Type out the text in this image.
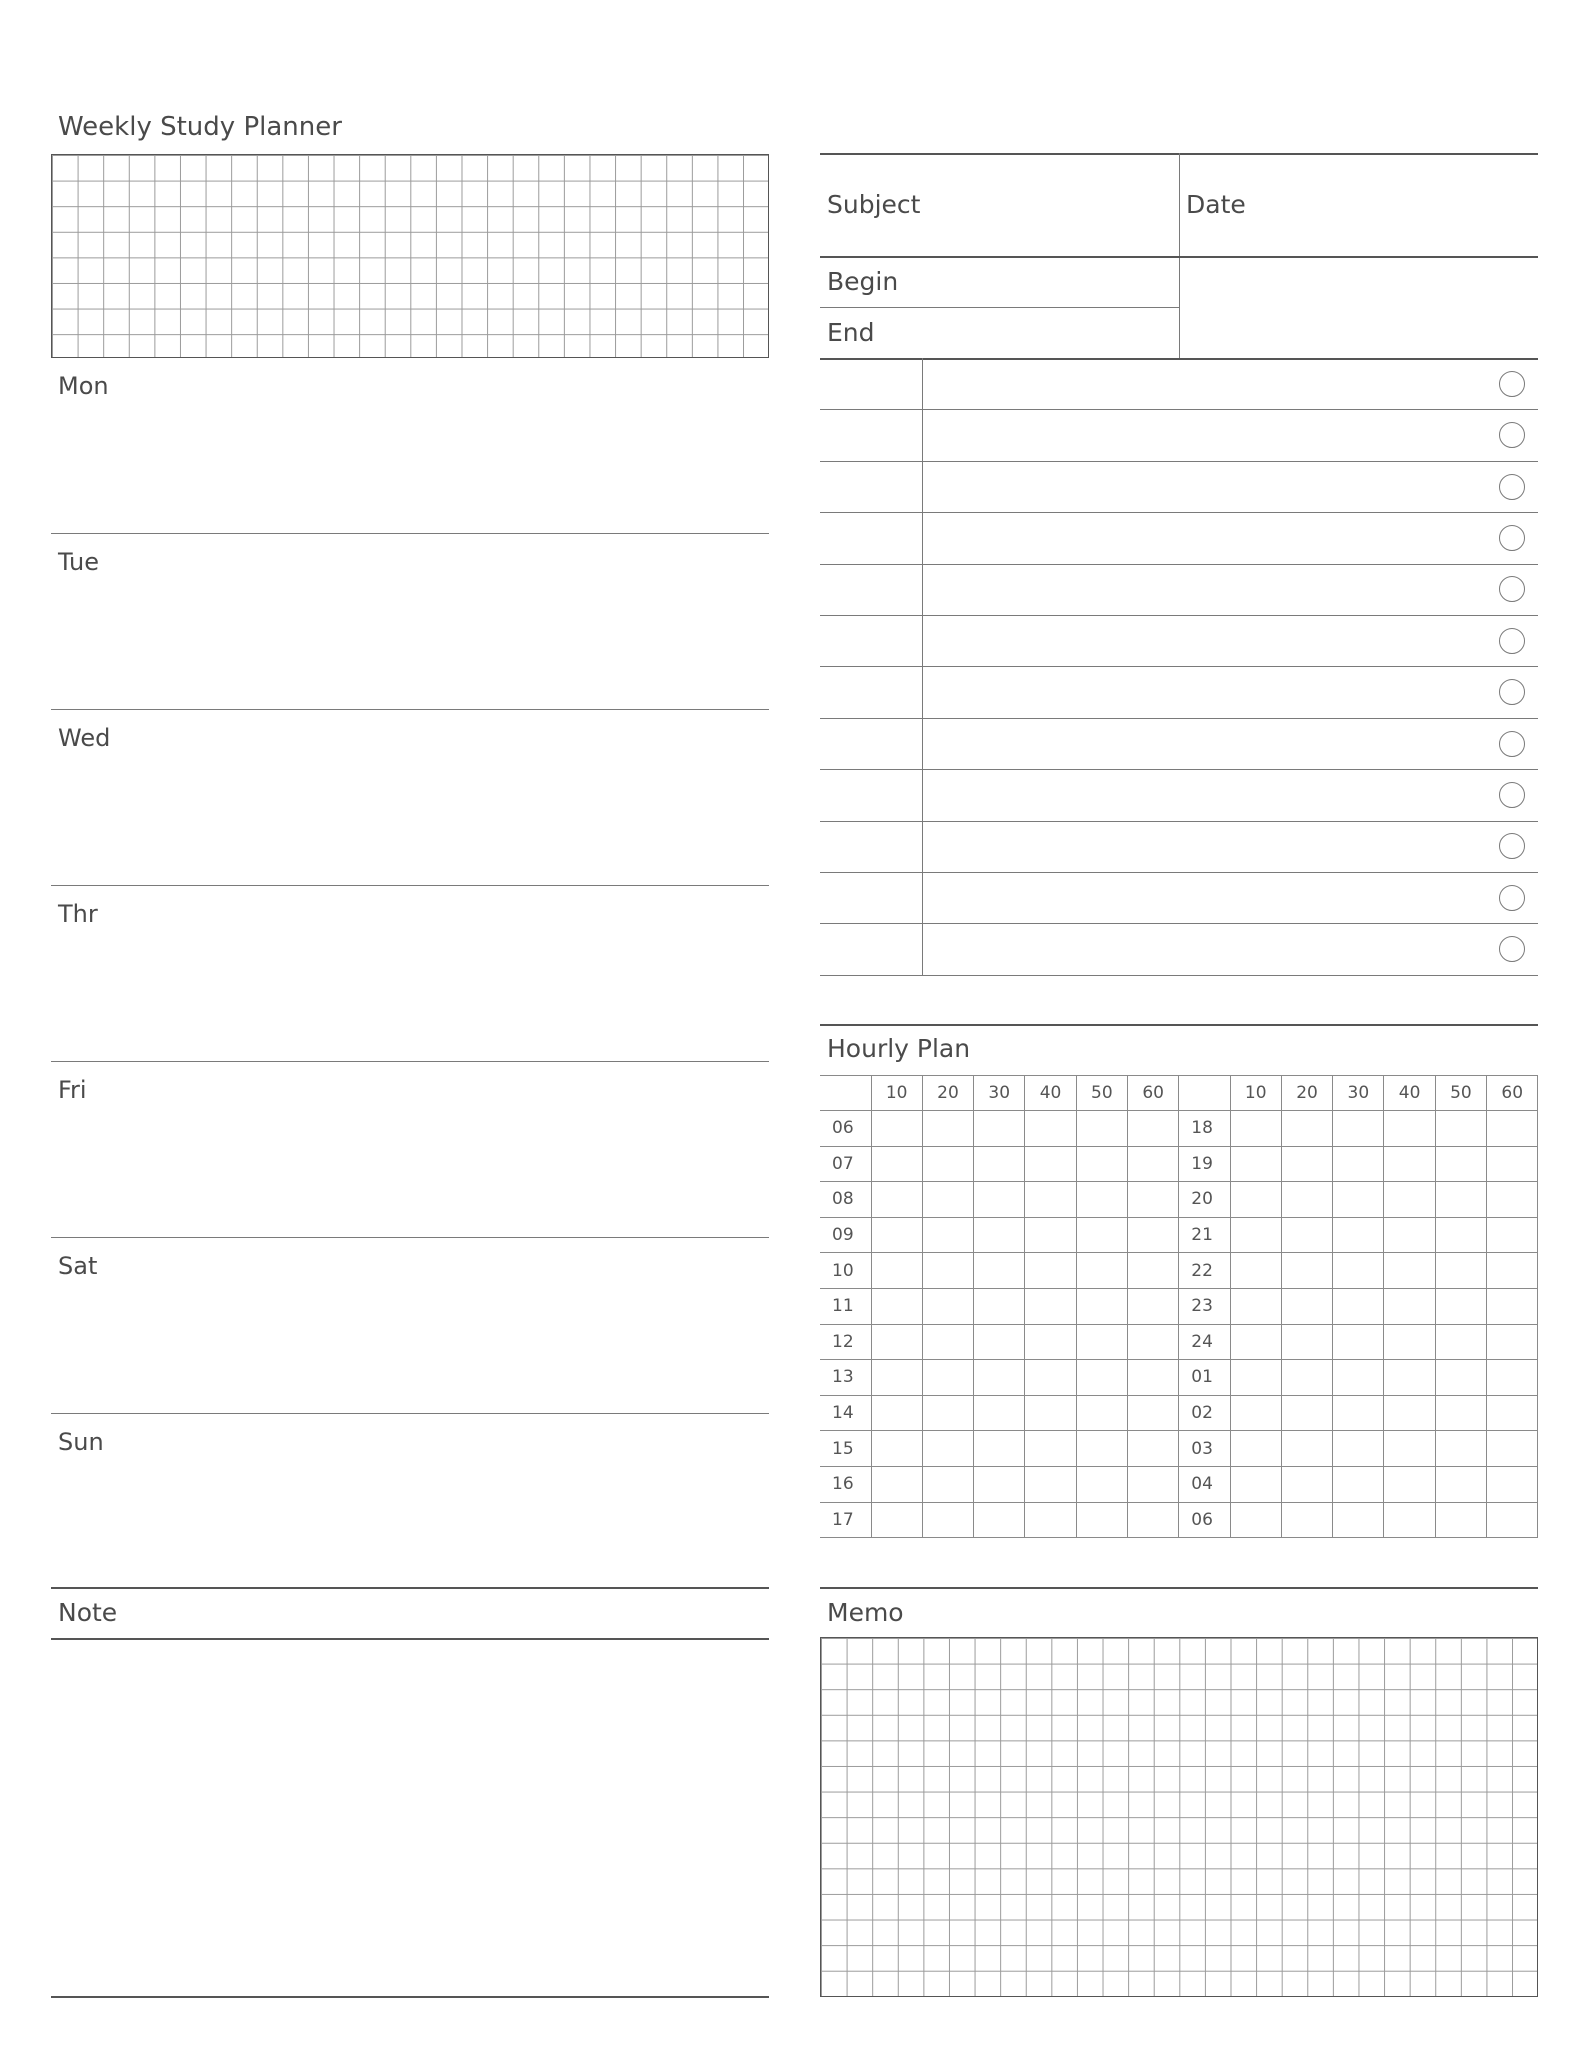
Weekly Study Planner
Mon
Tue
Wed
Thr
Fri
Sat
Sun
Subject	Date
Begin
End
Hourly Plan
	10	20	30	40	50	60		10	20	30	40	50	60
06							18						
07							19						
08							20						
09							21						
10							22						
11							23						
12							24						
13							01						
14							02						
15							03						
16							04						
17							06						
Note	Memo
